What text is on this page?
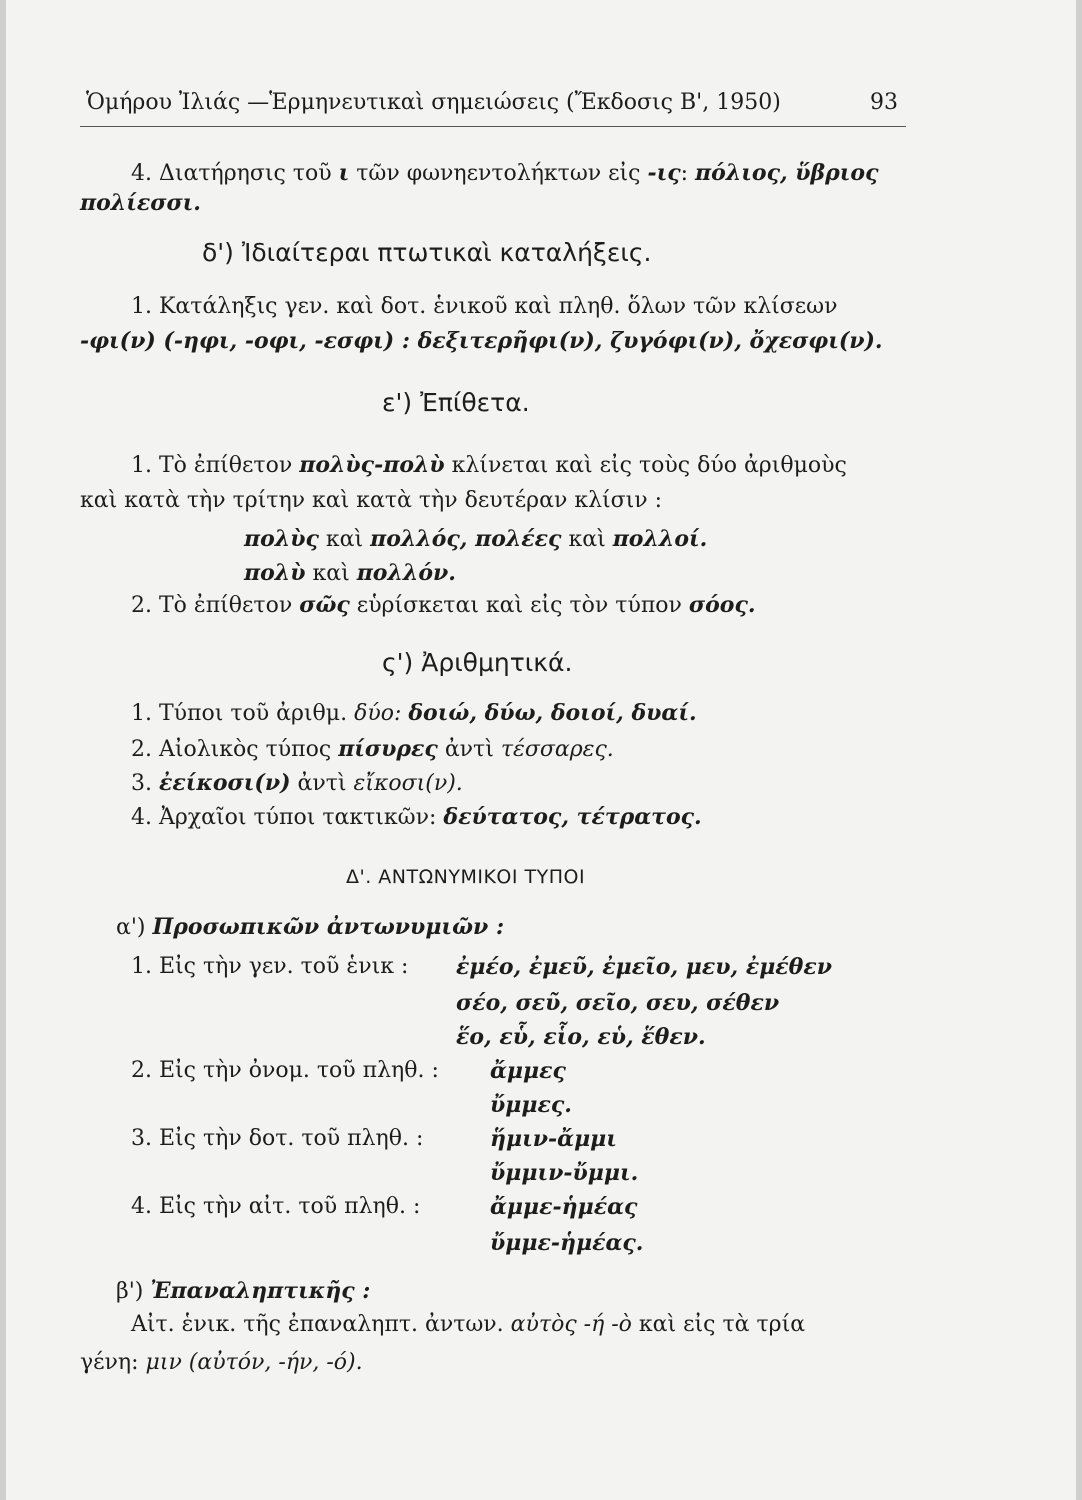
Ὁμήρου Ἰλιάς —Ἑρμηνευτικαὶ σημειώσεις (Ἔκδοσις Β', 1950)	93
4. Διατήρησις τοῦ ι τῶν φωνηεντολήκτων εἰς -ις: πόλιος, ὕβριος
πολίεσσι.
δ') Ἰδιαίτεραι πτωτικαὶ καταλήξεις.
1. Κατάληξις γεν. καὶ δοτ. ἑνικοῦ καὶ πληθ. ὅλων τῶν κλίσεων
-φι(ν) (-ηφι, -οφι, -εσφι) : δεξιτερῆφι(ν), ζυγόφι(ν), ὄχεσφι(ν).
ε') Ἐπίθετα.
1. Τὸ ἐπίθετον πολὺς-πολὺ κλίνεται καὶ εἰς τοὺς δύο ἀριθμοὺς
καὶ κατὰ τὴν τρίτην καὶ κατὰ τὴν δευτέραν κλίσιν :
πολὺς καὶ πολλός, πολέες καὶ πολλοί.
πολὺ καὶ πολλόν.
2. Τὸ ἐπίθετον σῶς εὑρίσκεται καὶ εἰς τὸν τύπον σόος.
ς') Ἀριθμητικά.
1. Τύποι τοῦ ἀριθμ. δύο: δοιώ, δύω, δοιοί, δυαί.
2. Αἰολικὸς τύπος πίσυρες ἀντὶ τέσσαρες.
3. ἐείκοσι(ν) ἀντὶ εἴκοσι(ν).
4. Ἀρχαῖοι τύποι τακτικῶν: δεύτατος, τέτρατος.
Δ'. ΑΝΤΩΝΥΜΙΚΟΙ ΤΥΠΟΙ
α') Προσωπικῶν ἀντωνυμιῶν :
1. Εἰς τὴν γεν. τοῦ ἑνικ : ἐμέο, ἐμεῦ, ἐμεῖο, μευ, ἐμέθεν
σέο, σεῦ, σεῖο, σευ, σέθεν
ἕο, εὗ, εἷο, εὑ, ἕθεν.
2. Εἰς τὴν ὀνομ. τοῦ πληθ. : ἄμμες
ὔμμες.
3. Εἰς τὴν δοτ. τοῦ πληθ. :	ἥμιν-ἄμμι
ὔμμιν-ὔμμι.
4. Εἰς τὴν αἰτ. τοῦ πληθ. :	ἄμμε-ἡμέας
ὔμμε-ἡμέας.
β') Ἐπαναληπτικῆς :
Αἰτ. ἑνικ. τῆς ἐπαναληπτ. ἀντων. αὐτὸς -ή -ὸ καὶ εἰς τὰ τρία
γένη: μιν (αὐτόν, -ήν, -ό).
